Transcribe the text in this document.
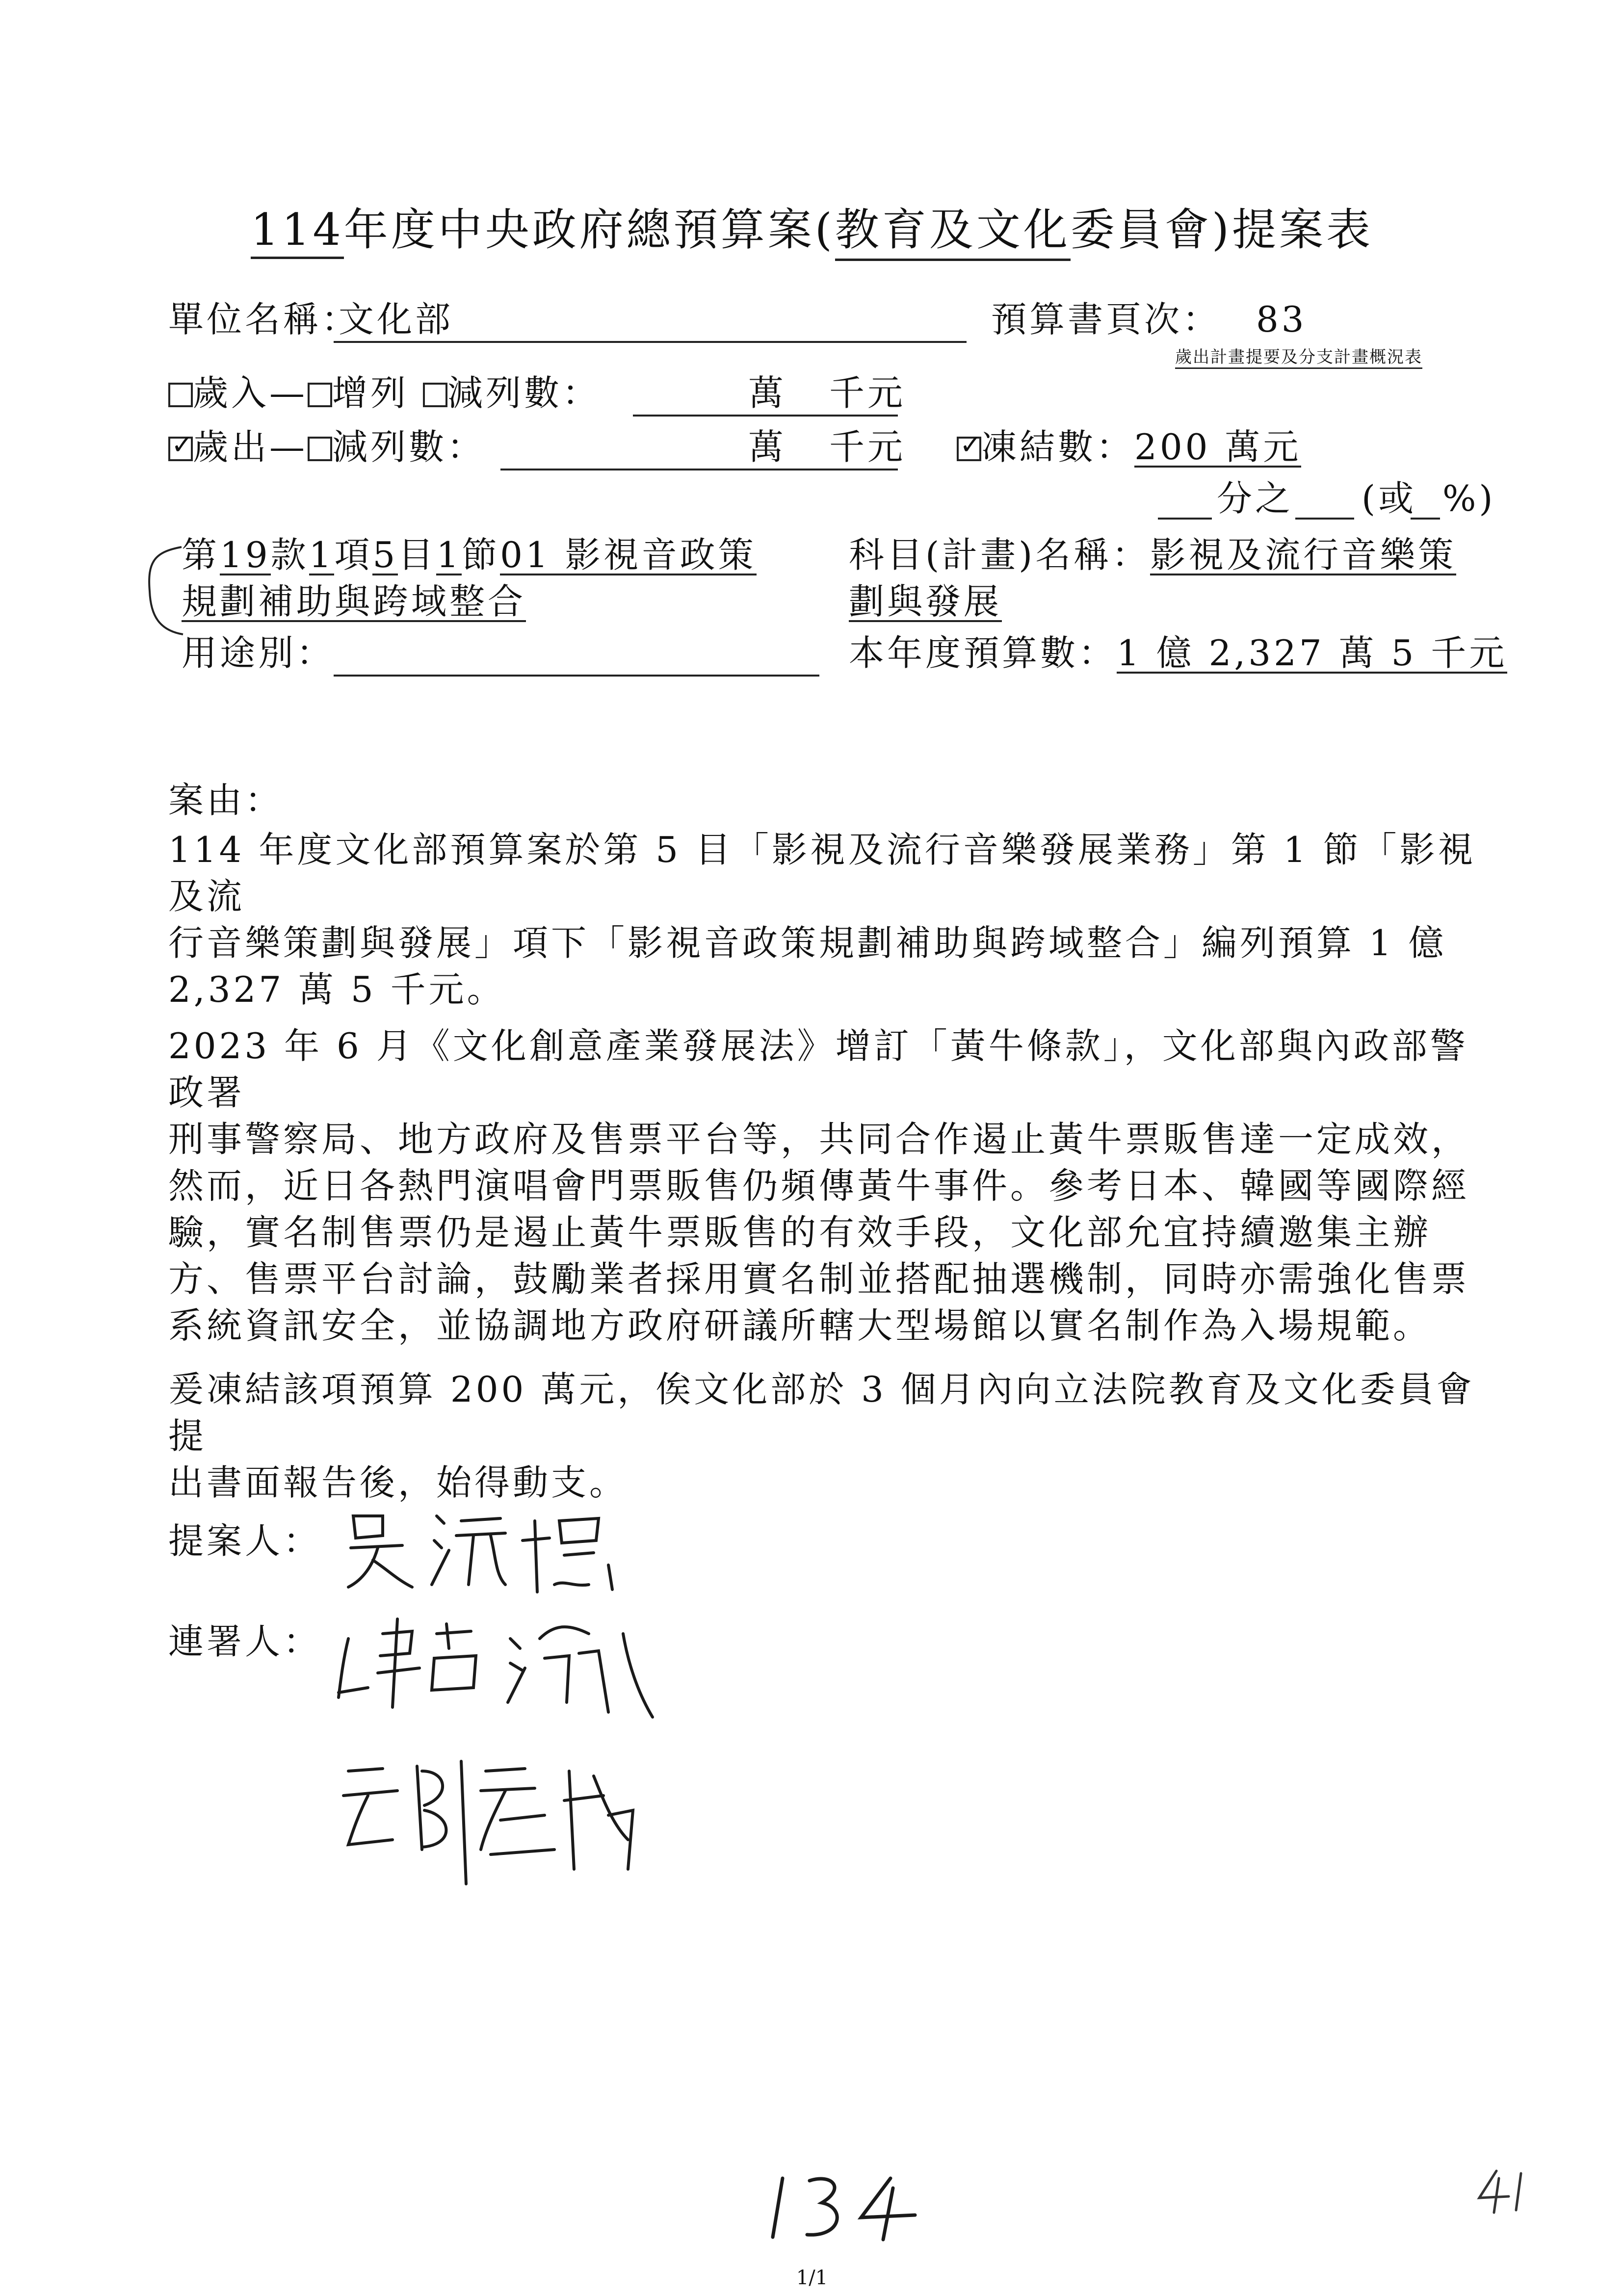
114年度中央政府總預算案(教育及文化委員會)提案表
單位名稱：
文化部	預算書頁次： 83
歲出計畫提要及分支計畫概況表
歲入— 增列 減列數：	萬 千元
✓歲出— 減列數：	萬 千元
✓	凍結數：200 萬元
分之 (或 %)
第19款1項5目1節01 影視音政策
規劃補助與跨域整合
科目(計畫)名稱：影視及流行音樂策
劃與發展
用途別：	本年度預算數：1 億 2,327 萬 5 千元
案由：

114 年度文化部預算案於第 5 目「影視及流行音樂發展業務」第 1 節「影視及流

行音樂策劃與發展」項下「影視音政策規劃補助與跨域整合」編列預算 1 億

2,327 萬 5 千元。

2023 年 6 月《文化創意產業發展法》增訂「黃牛條款」，文化部與內政部警政署

刑事警察局、地方政府及售票平台等，共同合作遏止黃牛票販售達一定成效，

然而，近日各熱門演唱會門票販售仍頻傳黃牛事件。參考日本、韓國等國際經

驗，實名制售票仍是遏止黃牛票販售的有效手段，文化部允宜持續邀集主辦

方、售票平台討論，鼓勵業者採用實名制並搭配抽選機制，同時亦需強化售票

系統資訊安全，並協調地方政府研議所轄大型場館以實名制作為入場規範。

爰凍結該項預算 200 萬元，俟文化部於 3 個月內向立法院教育及文化委員會提

出書面報告後，始得動支。

提案人：
連署人：
1/1
